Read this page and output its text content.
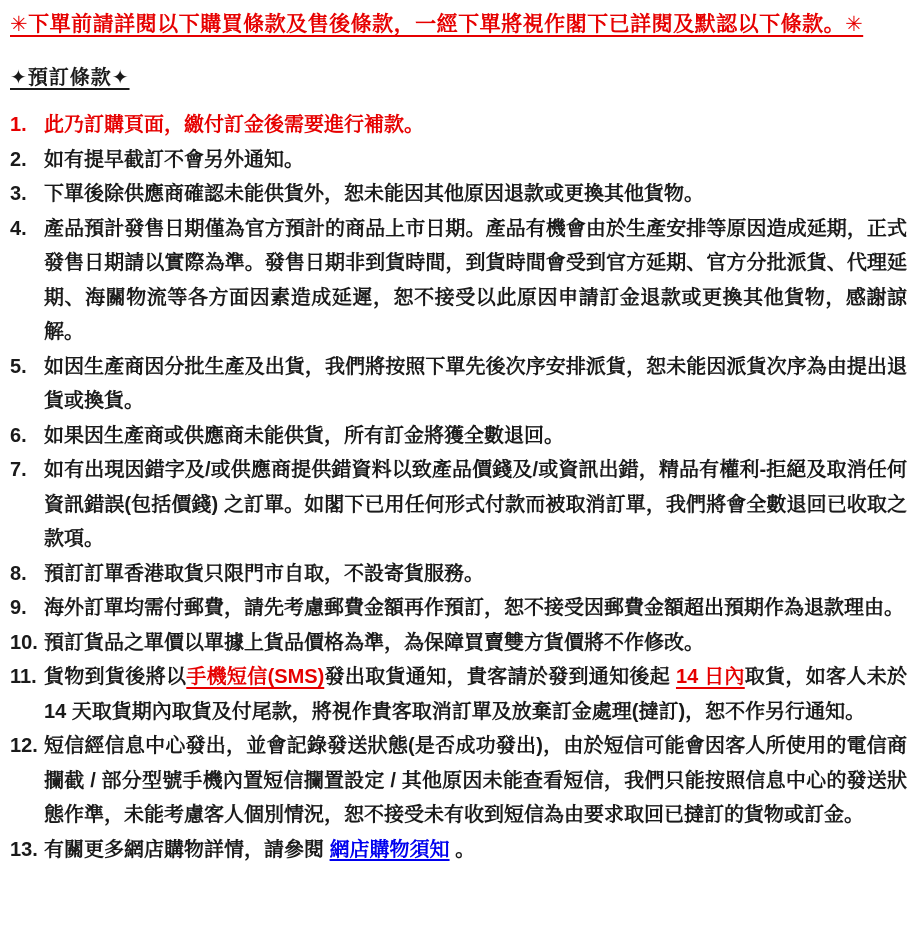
✳下單前請詳閱以下購買條款及售後條款，一經下單將視作閣下已詳閱及默認以下條款。✳

✦預訂條款✦
1. 此乃訂購頁面，繳付訂金後需要進行補款。
2. 如有提早截訂不會另外通知。
3. 下單後除供應商確認未能供貨外，恕未能因其他原因退款或更換其他貨物。
4. 產品預計發售日期僅為官方預計的商品上市日期。產品有機會由於生產安排等原因造成延期，正式發售日期請以實際為準。發售日期非到貨時間，到貨時間會受到官方延期、官方分批派貨、代理延期、海關物流等各方面因素造成延遲，恕不接受以此原因申請訂金退款或更換其他貨物，感謝諒解。
5. 如因生產商因分批生產及出貨，我們將按照下單先後次序安排派貨，恕未能因派貨次序為由提出退貨或換貨。
6. 如果因生產商或供應商未能供貨，所有訂金將獲全數退回。
7. 如有出現因錯字及/或供應商提供錯資料以致產品價錢及/或資訊出錯，精品有權利-拒絕及取消任何資訊錯誤(包括價錢) 之訂單。如閣下已用任何形式付款而被取消訂單，我們將會全數退回已收取之款項。
8. 預訂訂單香港取貨只限門市自取，不設寄貨服務。
9. 海外訂單均需付郵費，請先考慮郵費金額再作預訂，恕不接受因郵費金額超出預期作為退款理由。
10. 預訂貨品之單價以單據上貨品價格為準，為保障買賣雙方貨價將不作修改。
11. 貨物到貨後將以手機短信(SMS)發出取貨通知，貴客請於發到通知後起 14 日內取貨，如客人未於14 天取貨期內取貨及付尾款，將視作貴客取消訂單及放棄訂金處理(撻訂)，恕不作另行通知。
12. 短信經信息中心發出，並會記錄發送狀態(是否成功發出)，由於短信可能會因客人所使用的電信商攔截 / 部分型號手機內置短信攔置設定 / 其他原因未能查看短信，我們只能按照信息中心的發送狀態作準，未能考慮客人個別情況，恕不接受未有收到短信為由要求取回已撻訂的貨物或訂金。
13. 有關更多網店購物詳情，請參閱 網店購物須知 。
